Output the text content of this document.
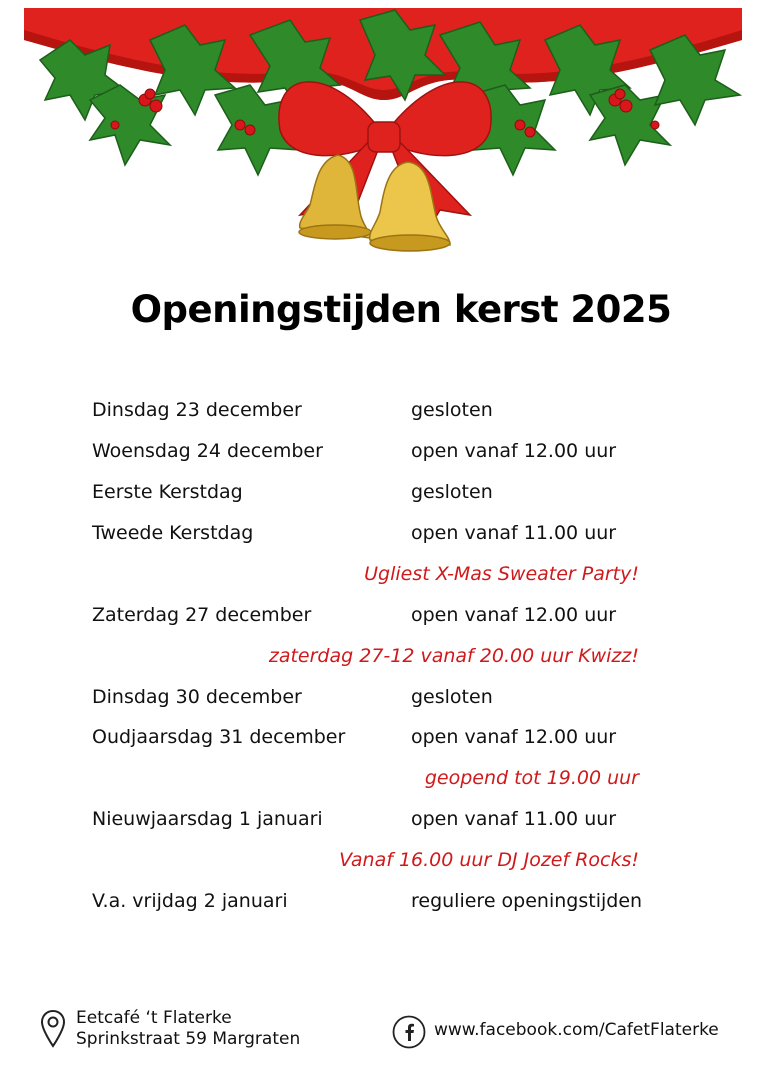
Openingstijden kerst 2025
Dinsdag 23 december	gesloten
Woensdag 24 december	open vanaf 12.00 uur
Eerste Kerstdag	gesloten
Tweede Kerstdag	open vanaf 11.00 uur
Ugliest X-Mas Sweater Party!
Zaterdag 27 december	open vanaf 12.00 uur
zaterdag 27-12 vanaf 20.00 uur Kwizz!
Dinsdag 30 december	gesloten
Oudjaarsdag 31 december	open vanaf 12.00 uur
geopend tot 19.00 uur
Nieuwjaarsdag 1 januari	open vanaf 11.00 uur
Vanaf 16.00 uur DJ Jozef Rocks!
V.a. vrijdag 2 januari	reguliere openingstijden
Eetcafé ‘t Flaterke
Sprinkstraat 59 Margraten	www.facebook.com/CafetFlaterke
